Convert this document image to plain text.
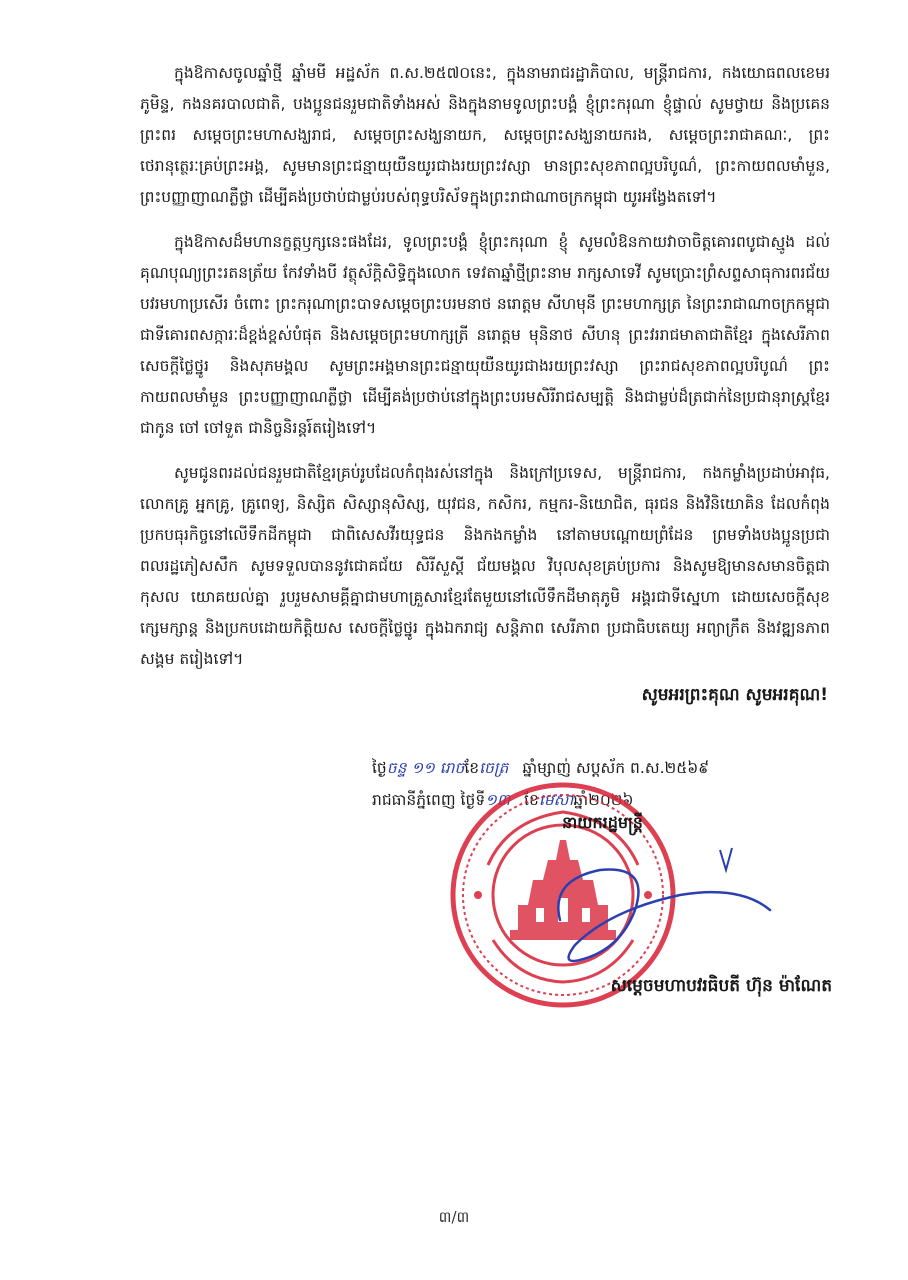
ក្នុងឱកាសចូលឆ្នាំថ្មី ឆ្នាំមមី អដ្ឋស័ក ព.ស.២៥៧០នេះ, ក្នុងនាមរាជរដ្ឋាភិបាល, មន្ត្រីរាជការ, កងយោធពលខេមរភូមិន្ទ, កងនគរបាលជាតិ, បងប្អូនជនរួមជាតិទាំងអស់ និងក្នុងនាមទូលព្រះបង្គំ ខ្ញុំព្រះករុណា ខ្ញុំផ្ទាល់ សូមថ្វាយ និងប្រគេនព្រះពរ សម្តេចព្រះមហាសង្ឃរាជ, សម្តេចព្រះសង្ឃនាយក, សម្តេចព្រះសង្ឃនាយករង, សម្តេចព្រះរាជាគណៈ, ព្រះថេរានុត្ថេរៈគ្រប់ព្រះអង្គ, សូមមានព្រះជន្មាយុយឺនយូរជាងរយព្រះវស្សា មានព្រះសុខភាពល្អបរិបូណ៌, ព្រះកាយពលមាំមួន, ព្រះបញ្ញាញាណភ្លឺថ្លា ដើម្បីគង់ប្រថាប់ជាម្លប់របស់ពុទ្ធបរិស័ទក្នុងព្រះរាជាណាចក្រកម្ពុជា យូរអង្វែងតទៅ។

ក្នុងឱកាសដ៏មហានក្ខត្តឫក្សនេះផងដែរ, ទូលព្រះបង្គំ ខ្ញុំព្រះករុណា ខ្ញុំ សូមលំឱនកាយវាចាចិត្តគោរពបូជាស្មូង ដល់គុណបុណ្យព្រះរតនត្រ័យ កែវទាំងបី វត្ថុស័ក្តិសិទ្ធិក្នុងលោក ទេវតាឆ្នាំថ្មីព្រះនាម រាក្សសាទេវី សូមប្រោះព្រំសព្ទសាធុការពរជ័យ បវរមហាប្រសើរ ចំពោះ ព្រះករុណាព្រះបាទសម្តេចព្រះបរមនាថ នរោត្តម សីហមុនី ព្រះមហាក្សត្រ នៃព្រះរាជាណាចក្រកម្ពុជា ជាទីគោរពសក្ការៈដ៏ខ្ពង់ខ្ពស់បំផុត និងសម្តេចព្រះមហាក្សត្រី នរោត្តម មុនិនាថ សីហនុ ព្រះវររាជមាតាជាតិខ្មែរ ក្នុងសេរីភាព សេចក្តីថ្លៃថ្នូរ និងសុភមង្គល សូមព្រះអង្គមានព្រះជន្មាយុយឺនយូរជាងរយព្រះវស្សា ព្រះរាជសុខភាពល្អបរិបូណ៌ ព្រះកាយពលមាំមួន ព្រះបញ្ញាញាណភ្លឺថ្លា ដើម្បីគង់ប្រថាប់នៅក្នុងព្រះបរមសិរីរាជសម្បត្តិ និងជាម្លប់ដ៏ត្រជាក់នៃប្រជានុរាស្ត្រខ្មែរ ជាកូន ចៅ ចៅទួត ជានិច្ចនិរន្តរ៍តរៀងទៅ។

សូមជូនពរដល់ជនរួមជាតិខ្មែរគ្រប់រូបដែលកំពុងរស់នៅក្នុង និងក្រៅប្រទេស, មន្ត្រីរាជការ, កងកម្លាំងប្រដាប់អាវុធ, លោកគ្រូ អ្នកគ្រូ, គ្រូពេទ្យ, និស្សិត សិស្សានុសិស្ស, យុវជន, កសិករ, កម្មករ-និយោជិត, ធុរជន និងវិនិយោគិន ដែលកំពុងប្រកបធុរកិច្ចនៅលើទឹកដីកម្ពុជា ជាពិសេសវីរយុទ្ធជន និងកងកម្លាំង នៅតាមបណ្តោយព្រំដែន ព្រមទាំងបងប្អូនប្រជាពលរដ្ឋភៀសសឹក សូមទទួលបាននូវជោគជ័យ សិរីសួស្តី ជ័យមង្គល វិបុលសុខគ្រប់ប្រការ និងសូមឱ្យមានសមានចិត្តជាកុសល យោគយល់គ្នា រួបរួមសាមគ្គីគ្នាជាមហាគ្រួសារខ្មែរតែមួយនៅលើទឹកដីមាតុភូមិ អង្គរជាទីស្នេហា ដោយសេចក្តីសុខក្សេមក្សាន្ត និងប្រកបដោយកិត្តិយស សេចក្តីថ្លៃថ្នូរ ក្នុងឯករាជ្យ សន្តិភាព សេរីភាព ប្រជាធិបតេយ្យ អព្យាក្រឹត និងវឌ្ឍនភាពសង្គម តរៀងទៅ។

សូមអរព្រះគុណ សូមអរគុណ!
ថ្ងៃ ចន្ទ ១១ រោច ខែ ចេត្រ ឆ្នាំម្សាញ់ សប្តស័ក ព.ស.២៥៦៩
រាជធានីភ្នំពេញ ថ្ងៃទី ១៣ ខែ មេសា ឆ្នាំ២០២៦
នាយករដ្ឋមន្ត្រី
សម្តេចមហាបវរធិបតី ហ៊ុន ម៉ាណែត
៣/៣
